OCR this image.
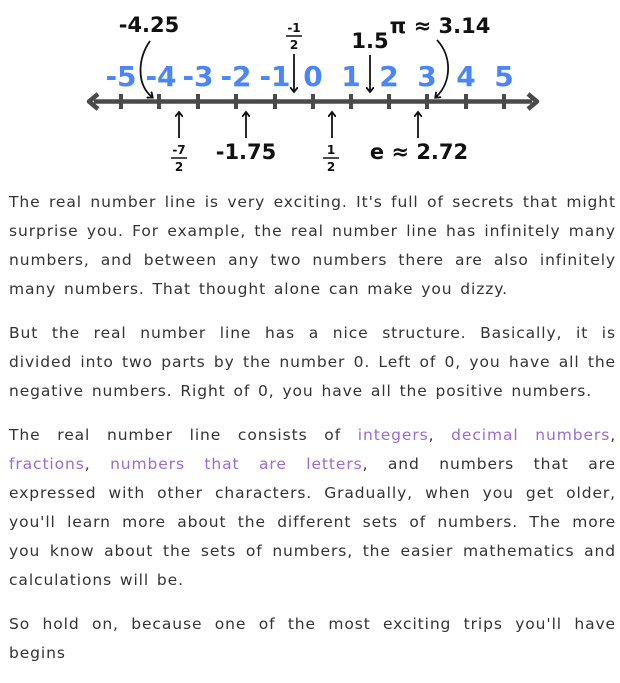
-5 -4 -3 -2 -1 0 1 2 3 4 5
-4.25	-1
2	1.5
π ≈ 3.14
-7
2
-1.75	1
2
e ≈ 2.72

The real number line is very exciting. It's full of secrets that might surprise you. For example, the real number line has infinitely many numbers, and between any two numbers there are also infinitely many numbers. That thought alone can make you dizzy.

But the real number line has a nice structure. Basically, it is divided into two parts by the number 0. Left of 0, you have all the negative numbers. Right of 0, you have all the positive numbers.

The real number line consists of integers, decimal numbers, fractions, numbers that are letters, and numbers that are expressed with other characters. Gradually, when you get older, you'll learn more about the different sets of numbers. The more you know about the sets of numbers, the easier mathematics and calculations will be.

So hold on, because one of the most exciting trips you'll have begins
